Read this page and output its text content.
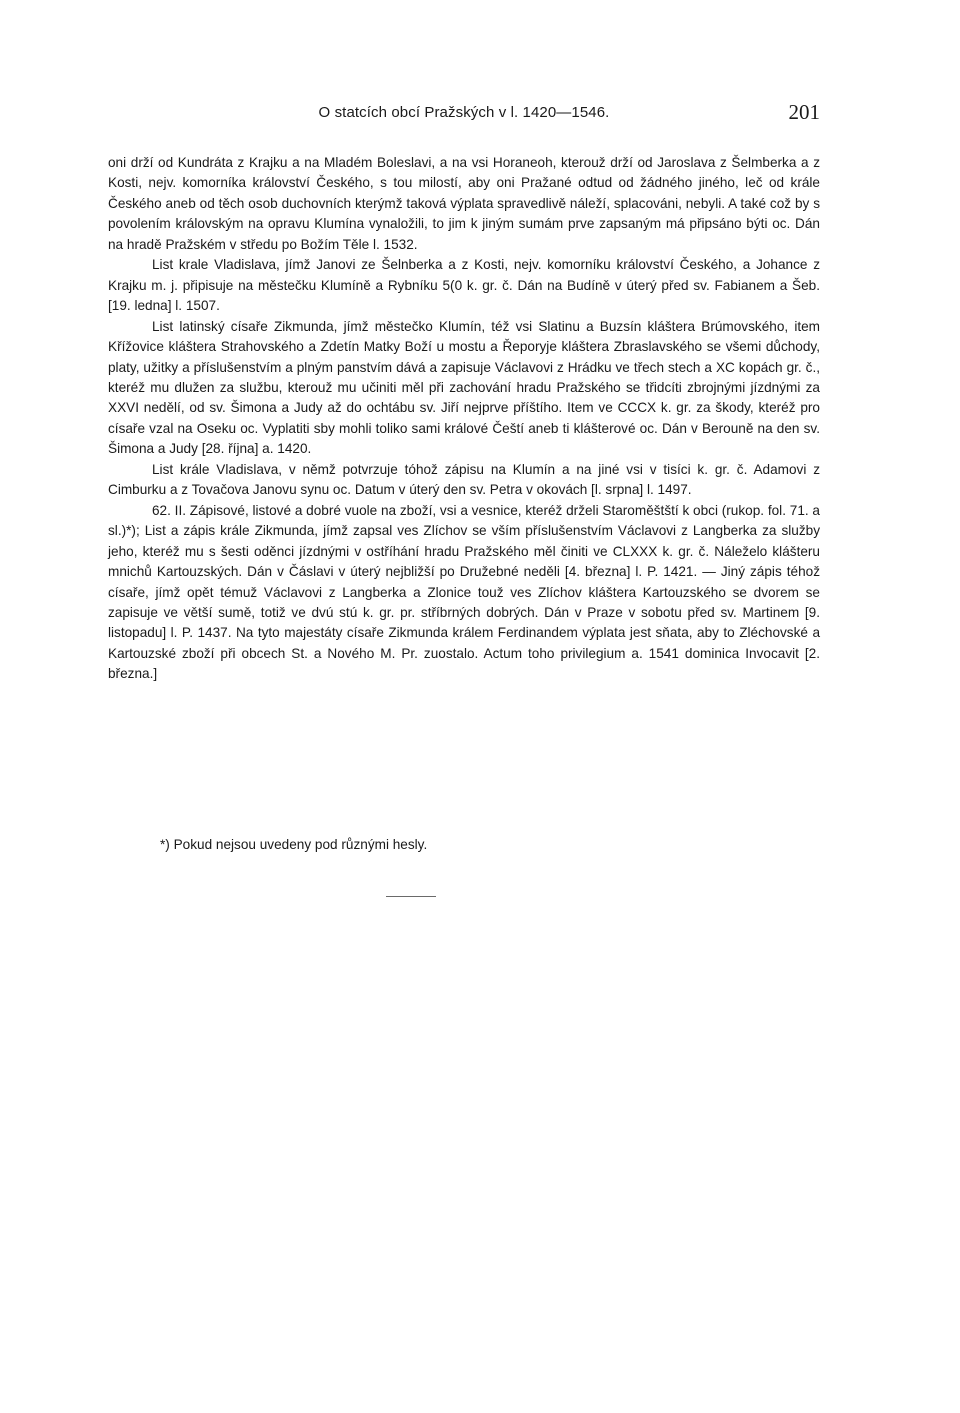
O statcích obcí Pražských v l. 1420—1546.	201

oni drží od Kundráta z Krajku a na Mladém Boleslavi, a na vsi Horaneoh, kterouž drží od Jaroslava z Šelmberka a z Kosti, nejv. komorníka království Českého, s tou milostí, aby oni Pražané odtud od žádného jiného, leč od krále Českého aneb od těch osob duchovních kterýmž taková výplata spravedlivě náleží, splacováni, nebyli. A také což by s povolením královským na opravu Klumína vynaložili, to jim k jiným sumám prve zapsaným má připsáno býti oc. Dán na hradě Pražském v středu po Božím Těle l. 1532.

List krale Vladislava, jímž Janovi ze Šelnberka a z Kosti, nejv. komorníku království Českého, a Johance z Krajku m. j. připisuje na městečku Klumíně a Rybníku 5(0 k. gr. č. Dán na Budíně v úterý před sv. Fabianem a Šeb. [19. ledna] l. 1507.

List latinský císaře Zikmunda, jímž městečko Klumín, též vsi Slatinu a Buzsín kláštera Brúmovského, item Křížovice kláštera Strahovského a Zdetín Matky Boží u mostu a Řeporyje kláštera Zbraslavského se všemi důchody, platy, užitky a příslušenstvím a plným panstvím dává a zapisuje Václavovi z Hrádku ve třech stech a XC kopách gr. č., kteréž mu dlužen za službu, kterouž mu učiniti měl při zachování hradu Pražského se třidcíti zbrojnými jízdnými za XXVI nedělí, od sv. Šimona a Judy až do ochtábu sv. Jiří nejprve příštího. Item ve CCCX k. gr. za škody, kteréž pro císaře vzal na Oseku oc. Vyplatiti sby mohli toliko sami králové Čeští aneb ti klášterové oc. Dán v Berouně na den sv. Šimona a Judy [28. října] a. 1420.

List krále Vladislava, v němž potvrzuje tóhož zápisu na Klumín a na jiné vsi v tisíci k. gr. č. Adamovi z Cimburku a z Tovačova Janovu synu oc. Datum v úterý den sv. Petra v okovách [l. srpna] l. 1497.

62. II. Zápisové, listové a dobré vuole na zboží, vsi a vesnice, kteréž drželi Staroměštští k obci (rukop. fol. 71. a sl.)*); List a zápis krále Zikmunda, jímž zapsal ves Zlíchov se vším příslušenstvím Václavovi z Langberka za služby jeho, kteréž mu s šesti oděnci jízdnými v ostříhání hradu Pražského měl činiti ve CLXXX k. gr. č. Náleželo klášteru mnichů Kartouzských. Dán v Čáslavi v úterý nejbližší po Družebné neděli [4. března] l. P. 1421. — Jiný zápis téhož císaře, jímž opět témuž Václavovi z Langberka a Zlonice touž ves Zlíchov kláštera Kartouzského se dvorem se zapisuje ve větší sumě, totiž ve dvú stú k. gr. pr. stříbrných dobrých. Dán v Praze v sobotu před sv. Martinem [9. listopadu] l. P. 1437. Na tyto majestáty císaře Zikmunda králem Ferdinandem výplata jest sňata, aby to Zléchovské a Kartouzské zboží při obcech St. a Nového M. Pr. zuostalo. Actum toho privilegium a. 1541 dominica Invocavit [2. března.]

*) Pokud nejsou uvedeny pod různými hesly.
